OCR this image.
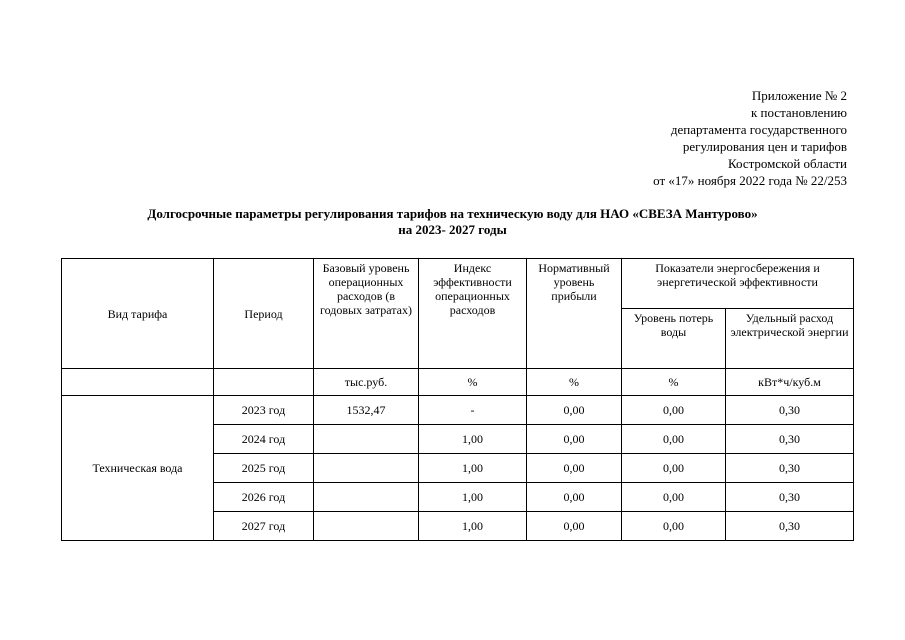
Приложение № 2
к постановлению
департамента государственного
регулирования цен и тарифов
Костромской области
от «17» ноября 2022 года № 22/253
Долгосрочные параметры регулирования тарифов на техническую воду для НАО «СВЕЗА Мантурово»
на 2023- 2027 годы
Вид тарифа	Период	Базовый уровень операционных расходов (в годовых затратах)	Индекс эффективности операционных расходов	Нормативный уровень прибыли	Показатели энергосбережения и энергетической эффективности	
					Уровень потерь воды	Удельный расход электрической энергии
		тыс.руб.	%	%	%	кВт*ч/куб.м
Техническая вода	2023 год	1532,47	-	0,00	0,00	0,30
	2024 год		1,00	0,00	0,00	0,30
	2025 год		1,00	0,00	0,00	0,30
	2026 год		1,00	0,00	0,00	0,30
	2027 год		1,00	0,00	0,00	0,30
